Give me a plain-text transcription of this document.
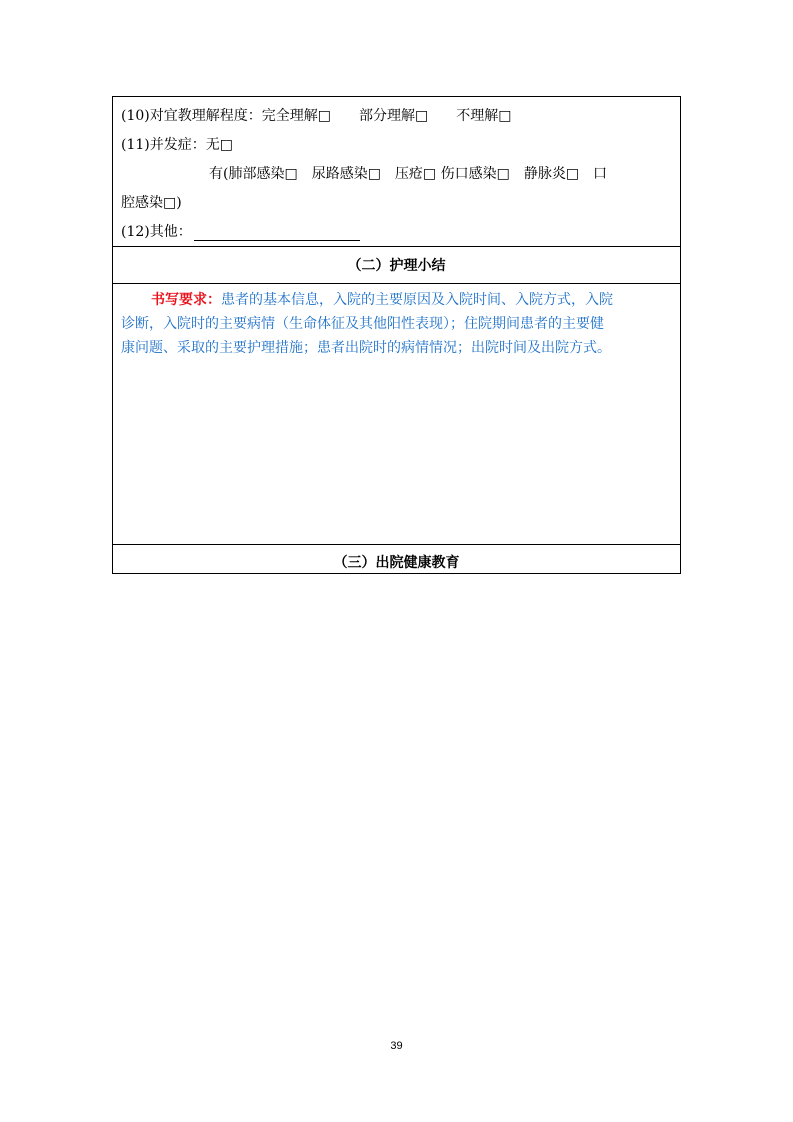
(10)对宜教理解程度：完全理解□　　部分理解□　　不理解□
(11)并发症：无□
有(肺部感染□　尿路感染□　压疮□ 伤口感染□　静脉炎□　口
腔感染□)
(12)其他：
（二）护理小结
书写要求：患者的基本信息，入院的主要原因及入院时间、入院方式，入院
诊断，入院时的主要病情（生命体征及其他阳性表现）；住院期间患者的主要健
康问题、采取的主要护理措施；患者出院时的病情情况；出院时间及出院方式。
（三）出院健康教育
39
